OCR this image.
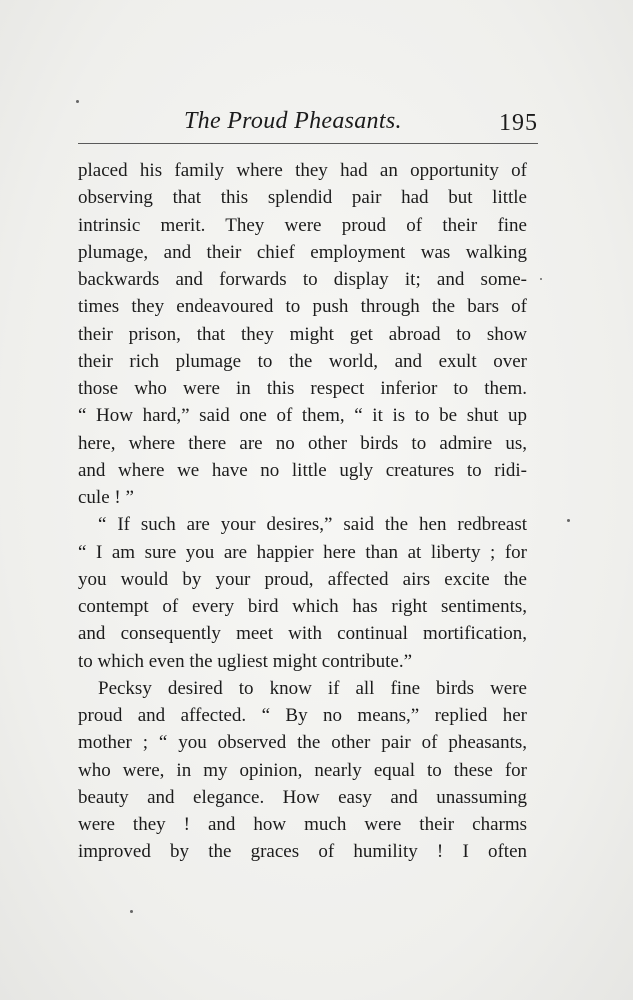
The Proud Pheasants.	195
placed his family where they had an opportunity of
observing that this splendid pair had but little
intrinsic merit. They were proud of their fine
plumage, and their chief employment was walking
backwards and forwards to display it; and some-
times they endeavoured to push through the bars of
their prison, that they might get abroad to show
their rich plumage to the world, and exult over
those who were in this respect inferior to them.
“ How hard,” said one of them, “ it is to be shut up
here, where there are no other birds to admire us,
and where we have no little ugly creatures to ridi-
cule ! ”
“ If such are your desires,” said the hen redbreast
“ I am sure you are happier here than at liberty ; for
you would by your proud, affected airs excite the
contempt of every bird which has right sentiments,
and consequently meet with continual mortification,
to which even the ugliest might contribute.”
Pecksy desired to know if all fine birds were
proud and affected. “ By no means,” replied her
mother ; “ you observed the other pair of pheasants,
who were, in my opinion, nearly equal to these for
beauty and elegance. How easy and unassuming
were they ! and how much were their charms
improved by the graces of humility ! I often
